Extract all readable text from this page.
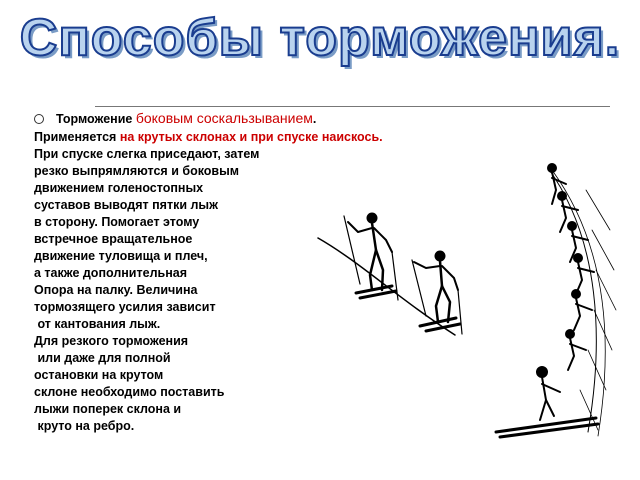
Способы торможения.
Торможение боковым соскальзыванием.
Применяется на крутых склонах и при спуске наискось.
При спуске слегка приседают, затем
резко выпрямляются и боковым
движением голеностопных
суставов выводят пятки лыж
в сторону. Помогает этому
встречное вращательное
движение туловища и плеч,
а также дополнительная
Опора на палку. Величина
тормозящего усилия зависит
от кантования лыж.
Для резкого торможения
или даже для полной
остановки на крутом
склоне необходимо поставить
лыжи поперек склона и
круто на ребро.
